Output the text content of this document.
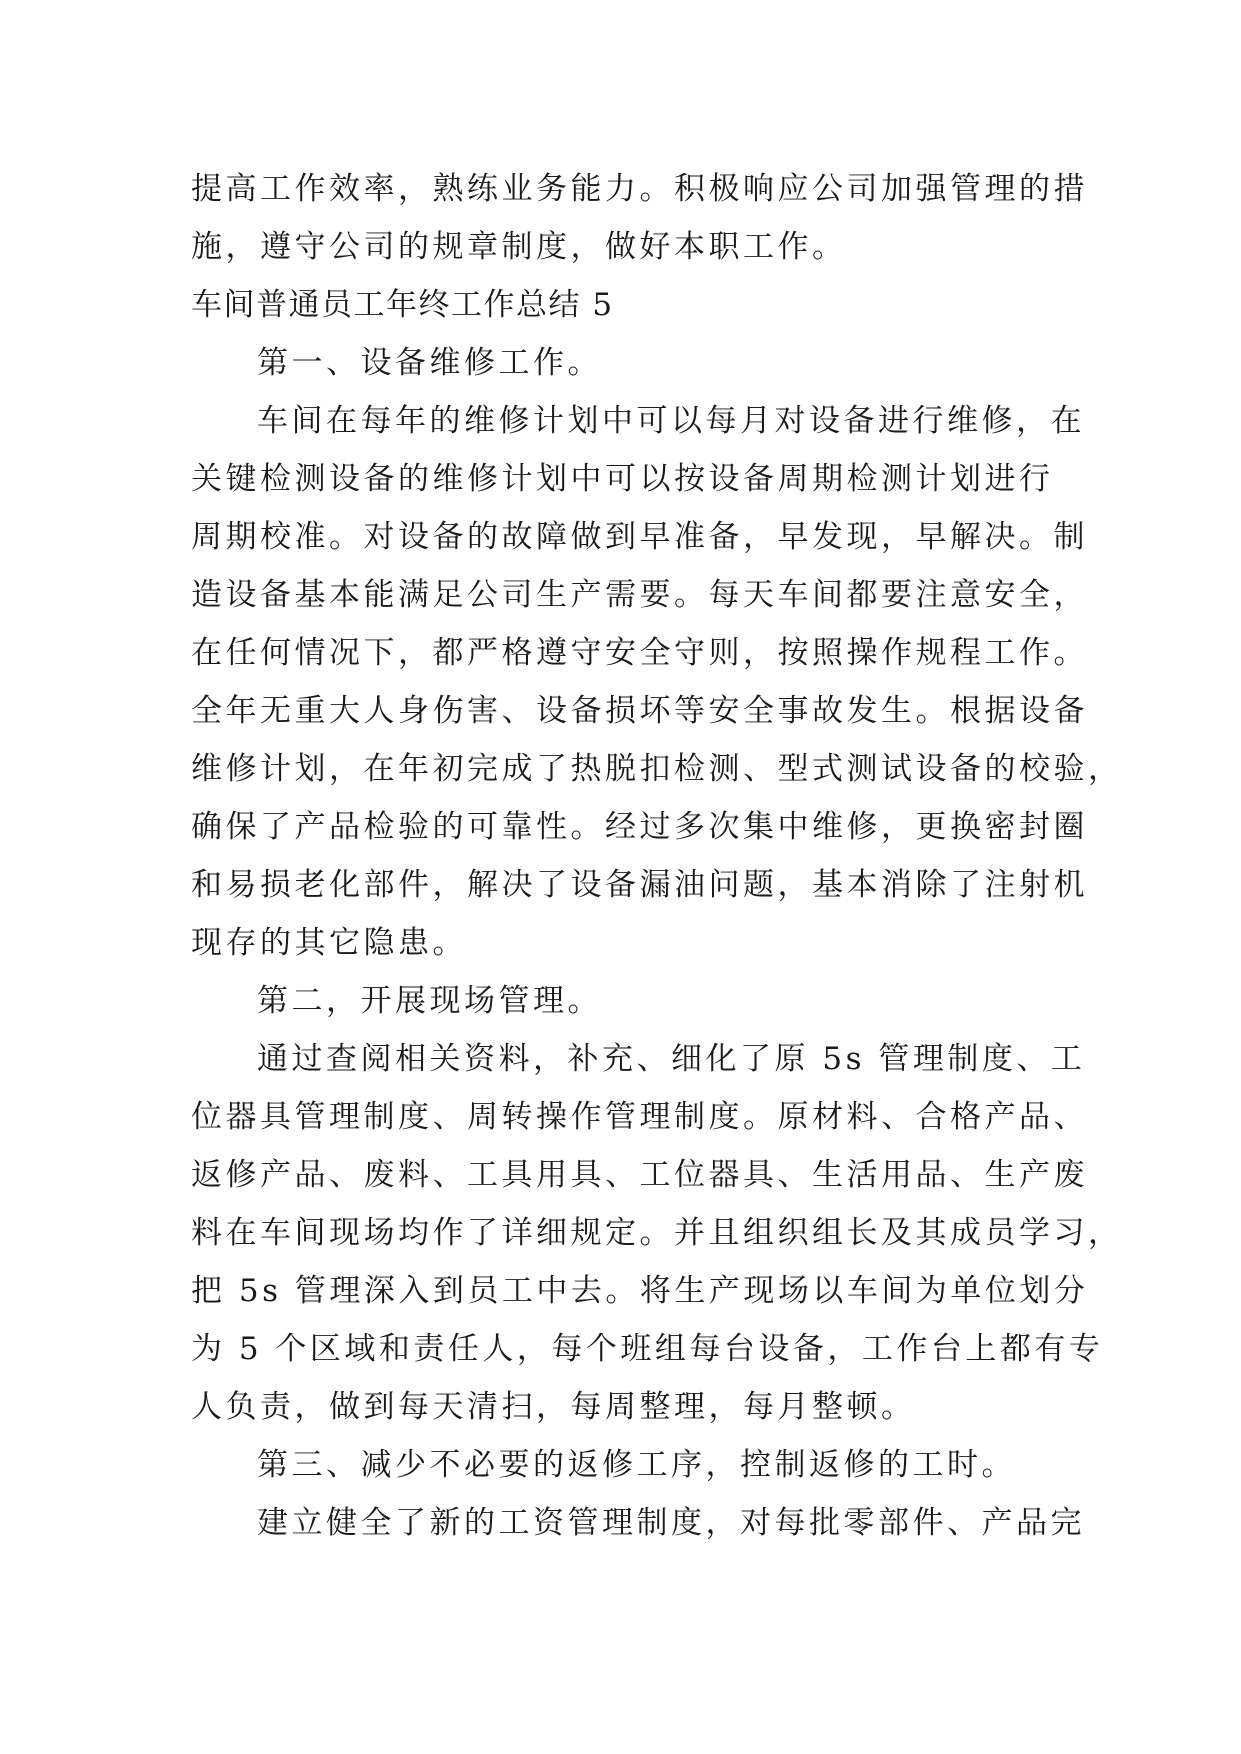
提高工作效率，熟练业务能力。积极响应公司加强管理的措
施，遵守公司的规章制度，做好本职工作。
车间普通员工年终工作总结 5
第一、设备维修工作。
车间在每年的维修计划中可以每月对设备进行维修，在
关键检测设备的维修计划中可以按设备周期检测计划进行
周期校准。对设备的故障做到早准备，早发现，早解决。制
造设备基本能满足公司生产需要。每天车间都要注意安全，
在任何情况下，都严格遵守安全守则，按照操作规程工作。
全年无重大人身伤害、设备损坏等安全事故发生。根据设备
维修计划，在年初完成了热脱扣检测、型式测试设备的校验，
确保了产品检验的可靠性。经过多次集中维修，更换密封圈
和易损老化部件，解决了设备漏油问题，基本消除了注射机
现存的其它隐患。
第二，开展现场管理。
通过查阅相关资料，补充、细化了原 5s 管理制度、工
位器具管理制度、周转操作管理制度。原材料、合格产品、
返修产品、废料、工具用具、工位器具、生活用品、生产废
料在车间现场均作了详细规定。并且组织组长及其成员学习，
把 5s 管理深入到员工中去。将生产现场以车间为单位划分
为 5 个区域和责任人，每个班组每台设备，工作台上都有专
人负责，做到每天清扫，每周整理，每月整顿。
第三、减少不必要的返修工序，控制返修的工时。
建立健全了新的工资管理制度，对每批零部件、产品完
